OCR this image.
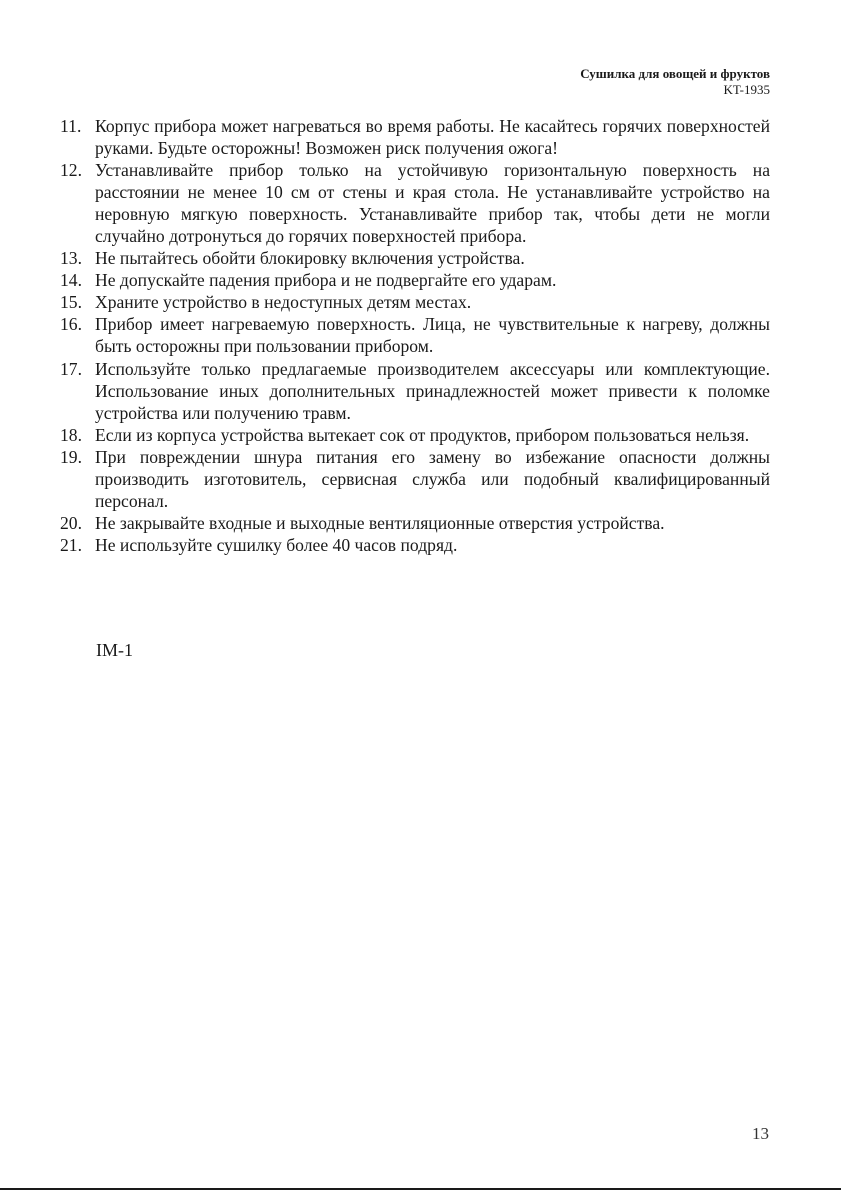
Сушилка для овощей и фруктов
KT-1935
11. Корпус прибора может нагреваться во время работы. Не касайтесь горячих поверхностей руками. Будьте осторожны! Возможен риск получения ожога!
12. Устанавливайте прибор только на устойчивую горизонтальную поверхность на расстоянии не менее 10 см от стены и края стола. Не устанавливайте устройство на неровную мягкую поверхность. Устанавливайте прибор так, чтобы дети не могли случайно дотронуться до горячих поверхностей прибора.
13. Не пытайтесь обойти блокировку включения устройства.
14. Не допускайте падения прибора и не подвергайте его ударам.
15. Храните устройство в недоступных детям местах.
16. Прибор имеет нагреваемую поверхность. Лица, не чувствительные к нагреву, должны быть осторожны при пользовании прибором.
17. Используйте только предлагаемые производителем аксессуары или комплектующие. Использование иных дополнительных принадлежностей может привести к поломке устройства или получению травм.
18. Если из корпуса устройства вытекает сок от продуктов, прибором пользоваться нельзя.
19. При повреждении шнура питания его замену во избежание опасности должны производить изготовитель, сервисная служба или подобный квалифицированный персонал.
20. Не закрывайте входные и выходные вентиляционные отверстия устройства.
21. Не используйте сушилку более 40 часов подряд.
IM-1
13
